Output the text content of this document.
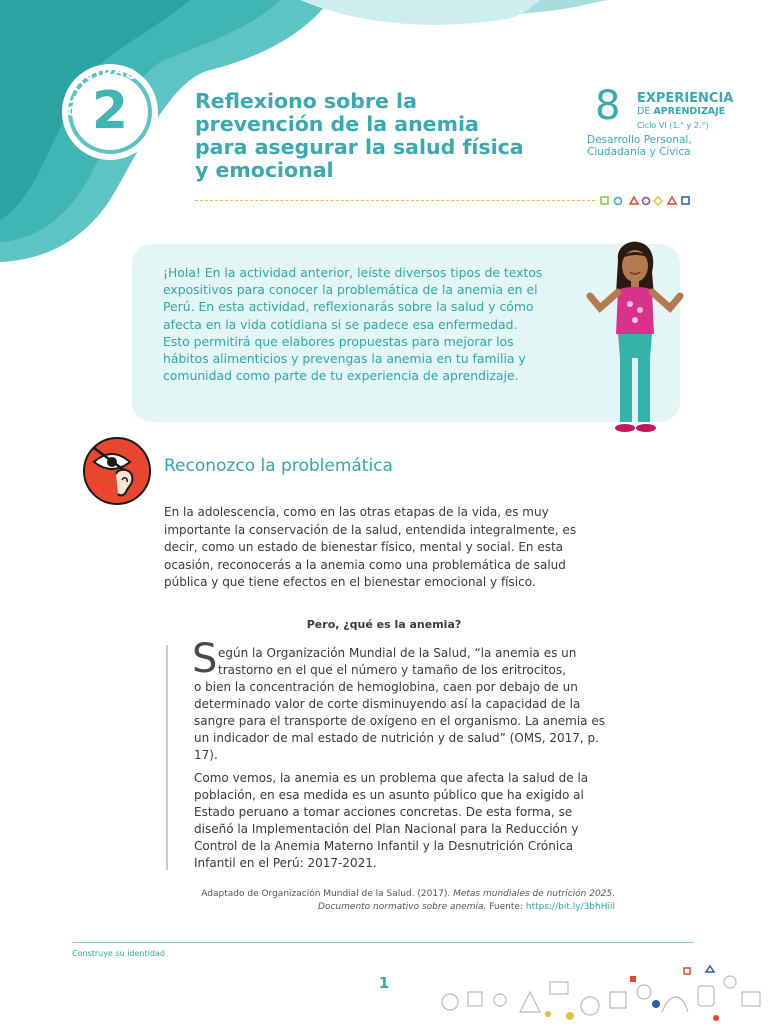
2
ACTIVIDAD
Reflexiono sobre la
prevención de la anemia
para asegurar la salud física
y emocional
8 EXPERIENCIA
DE APRENDIZAJE
Ciclo VI (1.° y 2.°)
Desarrollo Personal,
Ciudadanía y Cívica
¡Hola! En la actividad anterior, leíste diversos tipos de textos expositivos para conocer la problemática de la anemia en el Perú. En esta actividad, reflexionarás sobre la salud y cómo afecta en la vida cotidiana si se padece esa enfermedad. Esto permitirá que elabores propuestas para mejorar los hábitos alimenticios y prevengas la anemia en tu familia y comunidad como parte de tu experiencia de aprendizaje.
Reconozco la problemática
En la adolescencia, como en las otras etapas de la vida, es muy importante la conservación de la salud, entendida integralmente, es decir, como un estado de bienestar físico, mental y social. En esta ocasión, reconocerás a la anemia como una problemática de salud pública y que tiene efectos en el bienestar emocional y físico.
Pero, ¿qué es la anemia?
S egún la Organización Mundial de la Salud, “la anemia es un trastorno en el que el número y tamaño de los eritrocitos,
o bien la concentración de hemoglobina, caen por debajo de un determinado valor de corte disminuyendo así la capacidad de la sangre para el transporte de oxígeno en el organismo. La anemia es un indicador de mal estado de nutrición y de salud” (OMS, 2017, p. 17).
Como vemos, la anemia es un problema que afecta la salud de la población, en esa medida es un asunto público que ha exigido al Estado peruano a tomar acciones concretas. De esta forma, se diseñó la Implementación del Plan Nacional para la Reducción y Control de la Anemia Materno Infantil y la Desnutrición Crónica Infantil en el Perú: 2017-2021.
Adaptado de Organización Mundial de la Salud. (2017). Metas mundiales de nutrición 2025. Documento normativo sobre anemia. Fuente: https://bit.ly/3bhHiil
Construye su identidad
1
